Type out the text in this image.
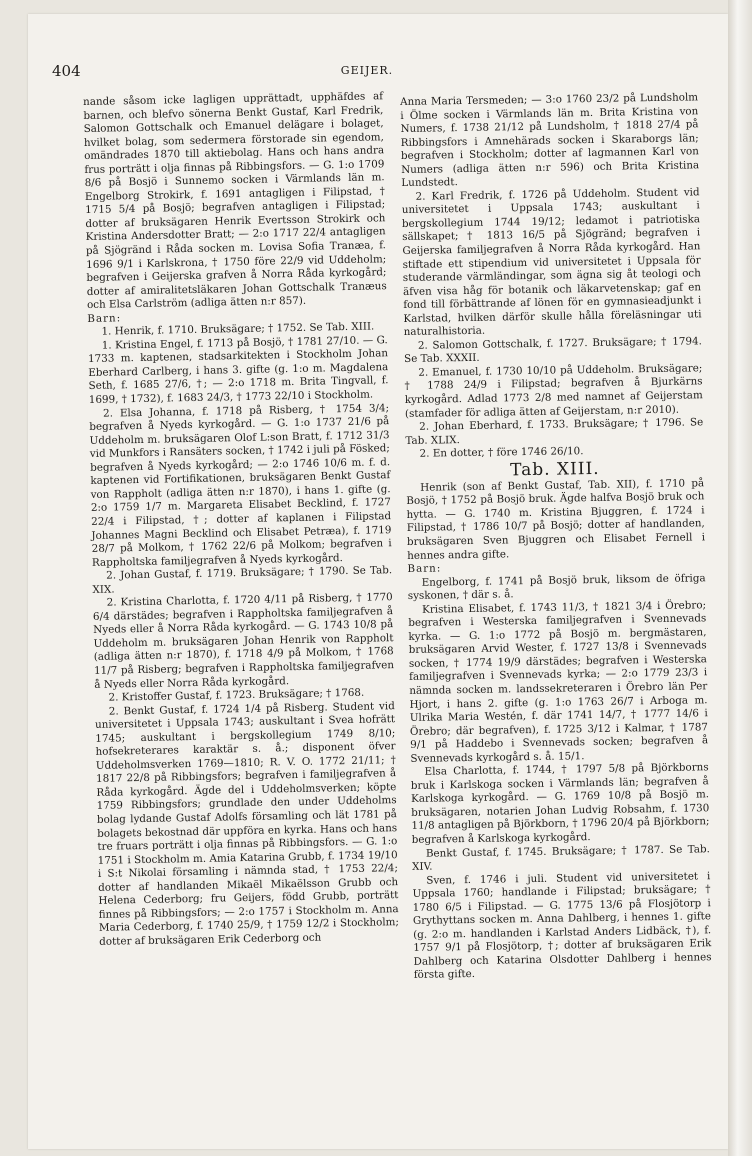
404	GEIJER.

nande såsom icke lagligen upprättadt, upphäfdes af barnen, och blefvo sönerna Benkt Gustaf, Karl Fredrik, Salomon Gottschalk och Emanuel delägare i bolaget, hvilket bolag, som sedermera förstorade sin egendom, omändrades 1870 till aktiebolag. Hans och hans andra frus porträtt i olja finnas på Ribbingsfors. — G. 1:o 1709 8/6 på Bosjö i Sunnemo socken i Värmlands län m. Engelborg Strokirk, f. 1691 antagligen i Filipstad, † 1715 5/4 på Bosjö; begrafven antagligen i Filipstad; dotter af bruksägaren Henrik Evertsson Strokirk och Kristina Andersdotter Bratt; — 2:o 1717 22/4 antagligen på Sjögränd i Råda socken m. Lovisa Sofia Tranæa, f. 1696 9/1 i Karlskrona, † 1750 före 22/9 vid Uddeholm; begrafven i Geijerska grafven å Norra Råda kyrkogård; dotter af amiralitetsläkaren Johan Gottschalk Tranæus och Elsa Carlström (adliga ätten n:r 857).

Barn:

1. Henrik, f. 1710. Bruksägare; † 1752. Se Tab. XIII.

1. Kristina Engel, f. 1713 på Bosjö, † 1781 27/10. — G. 1733 m. kaptenen, stadsarkitekten i Stockholm Johan Eberhard Carlberg, i hans 3. gifte (g. 1:o m. Magdalena Seth, f. 1685 27/6, †; — 2:o 1718 m. Brita Tingvall, f. 1699, † 1732), f. 1683 24/3, † 1773 22/10 i Stockholm.

2. Elsa Johanna, f. 1718 på Risberg, † 1754 3/4; begrafven å Nyeds kyrkogård. — G. 1:o 1737 21/6 på Uddeholm m. bruksägaren Olof L:son Bratt, f. 1712 31/3 vid Munkfors i Ransäters socken, † 1742 i juli på Fösked; begrafven å Nyeds kyrkogård; — 2:o 1746 10/6 m. f. d. kaptenen vid Fortifikationen, bruksägaren Benkt Gustaf von Rappholt (adliga ätten n:r 1870), i hans 1. gifte (g. 2:o 1759 1/7 m. Margareta Elisabet Becklind, f. 1727 22/4 i Filipstad, †; dotter af kaplanen i Filipstad Johannes Magni Becklind och Elisabet Petræa), f. 1719 28/7 på Molkom, † 1762 22/6 på Molkom; begrafven i Rappholtska familjegrafven å Nyeds kyrkogård.

2. Johan Gustaf, f. 1719. Bruksägare; † 1790. Se Tab. XIX.

2. Kristina Charlotta, f. 1720 4/11 på Risberg, † 1770 6/4 därstädes; begrafven i Rappholtska familjegrafven å Nyeds eller å Norra Råda kyrkogård. — G. 1743 10/8 på Uddeholm m. bruksägaren Johan Henrik von Rappholt (adliga ätten n:r 1870), f. 1718 4/9 på Molkom, † 1768 11/7 på Risberg; begrafven i Rappholtska familjegrafven å Nyeds eller Norra Råda kyrkogård.

2. Kristoffer Gustaf, f. 1723. Bruksägare; † 1768.

2. Benkt Gustaf, f. 1724 1/4 på Risberg. Student vid universitetet i Uppsala 1743; auskultant i Svea hofrätt 1745; auskultant i bergskollegium 1749 8/10; hofsekreterares karaktär s. å.; disponent öfver Uddeholmsverken 1769—1810; R. V. O. 1772 21/11; † 1817 22/8 på Ribbingsfors; begrafven i familjegrafven å Råda kyrkogård. Ägde del i Uddeholmsverken; köpte 1759 Ribbingsfors; grundlade den under Uddeholms bolag lydande Gustaf Adolfs församling och lät 1781 på bolagets bekostnad där uppföra en kyrka. Hans och hans tre fruars porträtt i olja finnas på Ribbingsfors. — G. 1:o 1751 i Stockholm m. Amia Katarina Grubb, f. 1734 19/10 i S:t Nikolai församling i nämnda stad, † 1753 22/4; dotter af handlanden Mikaël Mikaëlsson Grubb och Helena Cederborg; fru Geijers, född Grubb, porträtt finnes på Ribbingsfors; — 2:o 1757 i Stockholm m. Anna Maria Cederborg, f. 1740 25/9, † 1759 12/2 i Stockholm; dotter af bruksägaren Erik Cederborg och

Anna Maria Tersmeden; — 3:o 1760 23/2 på Lundsholm i Ölme socken i Värmlands län m. Brita Kristina von Numers, f. 1738 21/12 på Lundsholm, † 1818 27/4 på Ribbingsfors i Amnehärads socken i Skaraborgs län; begrafven i Stockholm; dotter af lagmannen Karl von Numers (adliga ätten n:r 596) och Brita Kristina Lundstedt.

2. Karl Fredrik, f. 1726 på Uddeholm. Student vid universitetet i Uppsala 1743; auskultant i bergskollegium 1744 19/12; ledamot i patriotiska sällskapet; † 1813 16/5 på Sjögränd; begrafven i Geijerska familjegrafven å Norra Råda kyrkogård. Han stiftade ett stipendium vid universitetet i Uppsala för studerande värmländingar, som ägna sig åt teologi och äfven visa håg för botanik och läkarvetenskap; gaf en fond till förbättrande af lönen för en gymnasieadjunkt i Karlstad, hvilken därför skulle hålla föreläsningar uti naturalhistoria.

2. Salomon Gottschalk, f. 1727. Bruksägare; † 1794. Se Tab. XXXII.

2. Emanuel, f. 1730 10/10 på Uddeholm. Bruksägare; † 1788 24/9 i Filipstad; begrafven å Bjurkärns kyrkogård. Adlad 1773 2/8 med namnet af Geijerstam (stamfader för adliga ätten af Geijerstam, n:r 2010).

2. Johan Eberhard, f. 1733. Bruksägare; † 1796. Se Tab. XLIX.

2. En dotter, † före 1746 26/10.

Tab. XIII.

Henrik (son af Benkt Gustaf, Tab. XII), f. 1710 på Bosjö, † 1752 på Bosjö bruk. Ägde halfva Bosjö bruk och hytta. — G. 1740 m. Kristina Bjuggren, f. 1724 i Filipstad, † 1786 10/7 på Bosjö; dotter af handlanden, bruksägaren Sven Bjuggren och Elisabet Fernell i hennes andra gifte.

Barn:

Engelborg, f. 1741 på Bosjö bruk, liksom de öfriga syskonen, † där s. å.

Kristina Elisabet, f. 1743 11/3, † 1821 3/4 i Örebro; begrafven i Westerska familjegrafven i Svennevads kyrka. — G. 1:o 1772 på Bosjö m. bergmästaren, bruksägaren Arvid Wester, f. 1727 13/8 i Svennevads socken, † 1774 19/9 därstädes; begrafven i Westerska familjegrafven i Svennevads kyrka; — 2:o 1779 23/3 i nämnda socken m. landssekreteraren i Örebro län Per Hjort, i hans 2. gifte (g. 1:o 1763 26/7 i Arboga m. Ulrika Maria Westén, f. där 1741 14/7, † 1777 14/6 i Örebro; där begrafven), f. 1725 3/12 i Kalmar, † 1787 9/1 på Haddebo i Svennevads socken; begrafven å Svennevads kyrkogård s. å. 15/1.

Elsa Charlotta, f. 1744, † 1797 5/8 på Björkborns bruk i Karlskoga socken i Värmlands län; begrafven å Karlskoga kyrkogård. — G. 1769 10/8 på Bosjö m. bruksägaren, notarien Johan Ludvig Robsahm, f. 1730 11/8 antagligen på Björkborn, † 1796 20/4 på Björkborn; begrafven å Karlskoga kyrkogård.

Benkt Gustaf, f. 1745. Bruksägare; † 1787. Se Tab. XIV.

Sven, f. 1746 i juli. Student vid universitetet i Uppsala 1760; handlande i Filipstad; bruksägare; † 1780 6/5 i Filipstad. — G. 1775 13/6 på Flosjötorp i Grythyttans socken m. Anna Dahlberg, i hennes 1. gifte (g. 2:o m. handlanden i Karlstad Anders Lidbäck, †), f. 1757 9/1 på Flosjötorp, †; dotter af bruksägaren Erik Dahlberg och Katarina Olsdotter Dahlberg i hennes första gifte.
